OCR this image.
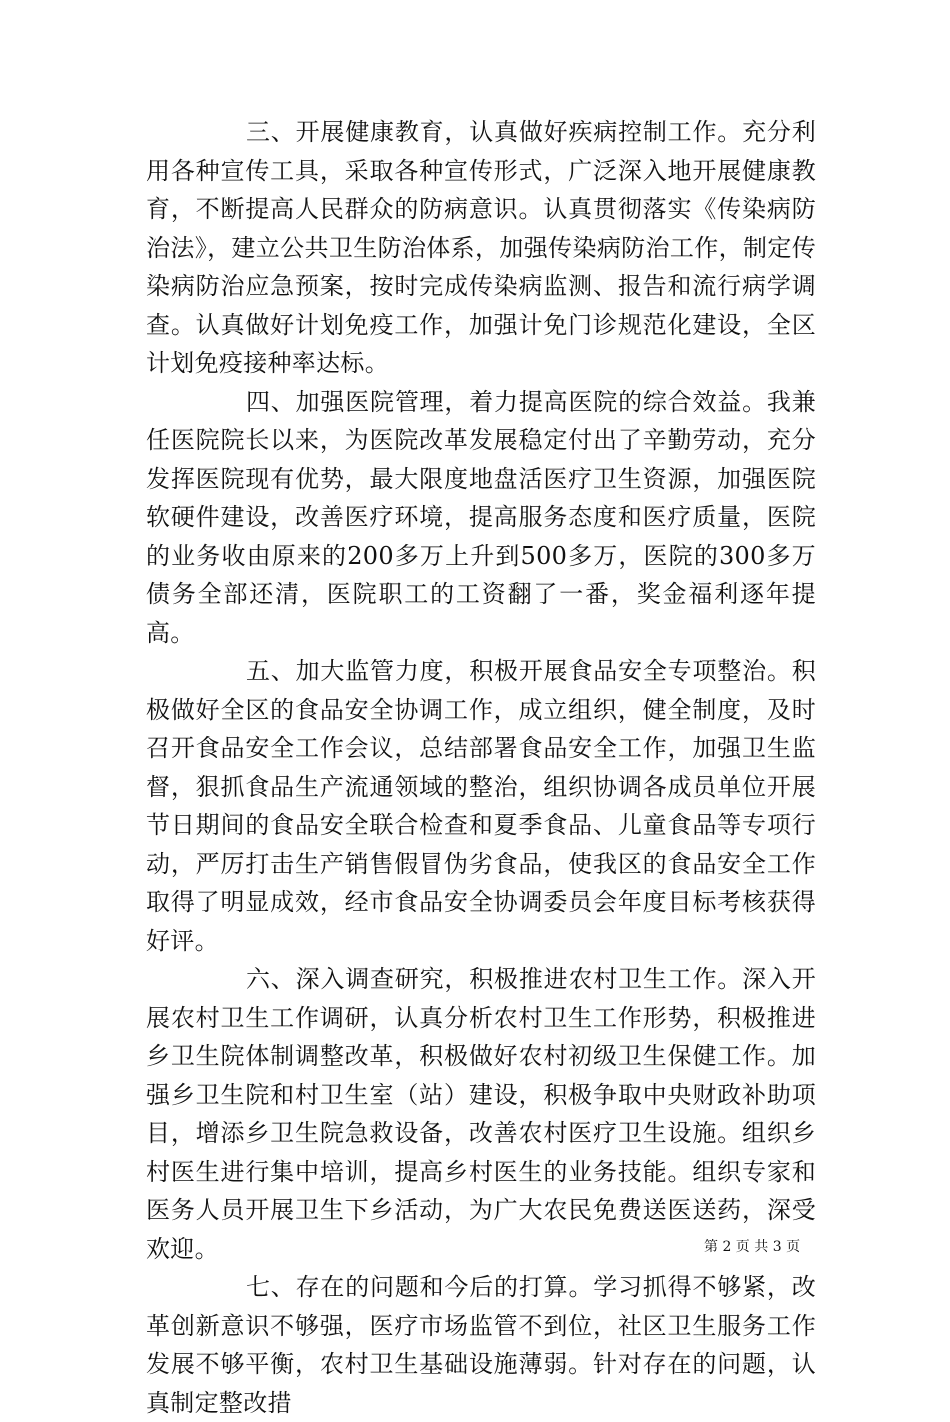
三、开展健康教育，认真做好疾病控制工作。充分利用各种宣传工具，采取各种宣传形式，广泛深入地开展健康教育，不断提高人民群众的防病意识。认真贯彻落实《传染病防治法》，建立公共卫生防治体系，加强传染病防治工作，制定传染病防治应急预案，按时完成传染病监测、报告和流行病学调查。认真做好计划免疫工作，加强计免门诊规范化建设，全区计划免疫接种率达标。

四、加强医院管理，着力提高医院的综合效益。我兼任医院院长以来，为医院改革发展稳定付出了辛勤劳动，充分发挥医院现有优势，最大限度地盘活医疗卫生资源，加强医院软硬件建设，改善医疗环境，提高服务态度和医疗质量，医院的业务收由原来的200多万上升到500多万，医院的300多万债务全部还清，医院职工的工资翻了一番，奖金福利逐年提高。

五、加大监管力度，积极开展食品安全专项整治。积极做好全区的食品安全协调工作，成立组织，健全制度，及时召开食品安全工作会议，总结部署食品安全工作，加强卫生监督，狠抓食品生产流通领域的整治，组织协调各成员单位开展节日期间的食品安全联合检查和夏季食品、儿童食品等专项行动，严厉打击生产销售假冒伪劣食品，使我区的食品安全工作取得了明显成效，经市食品安全协调委员会年度目标考核获得好评。

六、深入调查研究，积极推进农村卫生工作。深入开展农村卫生工作调研，认真分析农村卫生工作形势，积极推进乡卫生院体制调整改革，积极做好农村初级卫生保健工作。加强乡卫生院和村卫生室（站）建设，积极争取中央财政补助项目，增添乡卫生院急救设备，改善农村医疗卫生设施。组织乡村医生进行集中培训，提高乡村医生的业务技能。组织专家和医务人员开展卫生下乡活动，为广大农民免费送医送药，深受欢迎。

七、存在的问题和今后的打算。学习抓得不够紧，改革创新意识不够强，医疗市场监管不到位，社区卫生服务工作发展不够平衡，农村卫生基础设施薄弱。针对存在的问题，认真制定整改措

第 2 页 共 3 页
